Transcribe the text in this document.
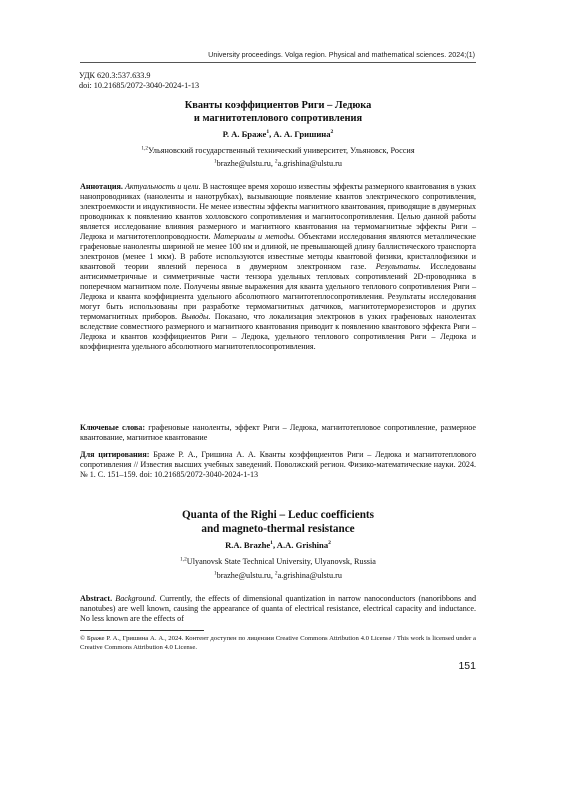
University proceedings. Volga region. Physical and mathematical sciences. 2024;(1)
УДК 620.3:537.633.9
doi: 10.21685/2072-3040-2024-1-13
Кванты коэффициентов Риги – Ледюка
и магнитотеплового сопротивления
Р. А. Браже$^1$, А. А. Гришина$^2$
$^{1,2}$Ульяновский государственный технический университет, Ульяновск, Россия
$^1$brazhe@ulstu.ru, $^2$a.grishina@ulstu.ru
Аннотация. Актуальность и цели. В настоящее время хорошо известны эффекты размерного квантования в узких нанопроводниках (наноленты и нанотрубках), вызывающие появление квантов электрического сопротивления, электроемкости и индуктивности. Не менее известны эффекты магнитного квантования, приводящие в двумерных проводниках к появлению квантов холловского сопротивления и магнитосопротивления. Целью данной работы является исследование влияния размерного и магнитного квантования на термомагнитные эффекты Риги – Ледюка и магнитотеплопроводности. Материалы и методы. Объектами исследования являются металлические графеновые наноленты шириной не менее 100 нм и длиной, не превышающей длину баллистического транспорта электронов (менее 1 мкм). В работе используются известные методы квантовой физики, кристаллофизики и квантовой теории явлений переноса в двумерном электронном газе. Результаты. Исследованы антисимметричные и симметричные части тензора удельных тепловых сопротивлений 2D-проводника в поперечном магнитном поле. Получены явные выражения для кванта удельного теплового сопротивления Риги – Ледюка и кванта коэффициента удельного абсолютного магнитотеплосопротивления. Результаты исследования могут быть использованы при разработке термомагнитных датчиков, магнитотерморезисторов и других термомагнитных приборов. Выводы. Показано, что локализация электронов в узких графеновых нанолентах вследствие совместного размерного и магнитного квантования приводит к появлению квантового эффекта Риги – Ледюка и квантов коэффициентов Риги – Ледюка, удельного теплового сопротивления Риги – Ледюка и коэффициента удельного абсолютного магнитотеплосопротивления.
Ключевые слова: графеновые наноленты, эффект Риги – Ледюка, магнитотепловое сопротивление, размерное квантование, магнитное квантование
Для цитирования: Браже Р. А., Гришина А. А. Кванты коэффициентов Риги – Ледюка и магнитотеплового сопротивления // Известия высших учебных заведений. Поволжский регион. Физико-математические науки. 2024. № 1. С. 151–159. doi: 10.21685/2072-3040-2024-1-13
Quanta of the Righi – Leduc coefficients
and magneto-thermal resistance
R.A. Brazhe$^1$, A.A. Grishina$^2$
$^{1,2}$Ulyanovsk State Technical University, Ulyanovsk, Russia
$^1$brazhe@ulstu.ru, $^2$a.grishina@ulstu.ru
Abstract. Background. Currently, the effects of dimensional quantization in narrow nanoconductors (nanoribbons and nanotubes) are well known, causing the appearance of quanta of electrical resistance, electrical capacity and inductance. No less known are the effects of
© Браже Р. А., Гришина А. А., 2024. Контент доступен по лицензии Creative Commons Attribution 4.0 License / This work is licensed under a Creative Commons Attribution 4.0 License.
151
